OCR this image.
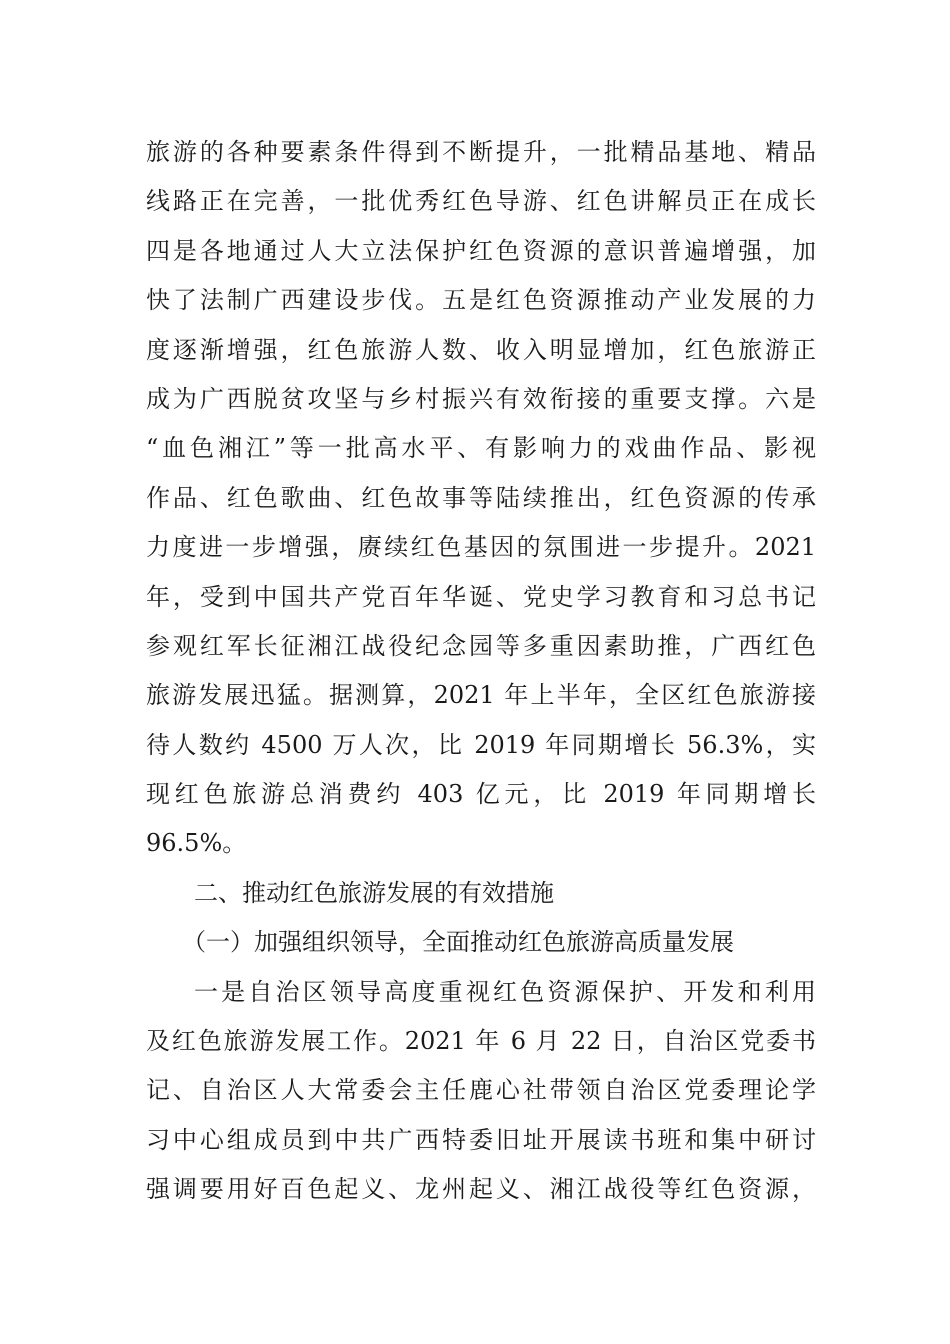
旅游的各种要素条件得到不断提升，一批精品基地、精品
线路正在完善，一批优秀红色导游、红色讲解员正在成长
四是各地通过人大立法保护红色资源的意识普遍增强，加
快了法制广西建设步伐。五是红色资源推动产业发展的力
度逐渐增强，红色旅游人数、收入明显增加，红色旅游正
成为广西脱贫攻坚与乡村振兴有效衔接的重要支撑。六是
“血色湘江”等一批高水平、有影响力的戏曲作品、影视
作品、红色歌曲、红色故事等陆续推出，红色资源的传承
力度进一步增强，赓续红色基因的氛围进一步提升。2021
年，受到中国共产党百年华诞、党史学习教育和习总书记
参观红军长征湘江战役纪念园等多重因素助推，广西红色
旅游发展迅猛。据测算，2021 年上半年，全区红色旅游接
待人数约 4500 万人次，比 2019 年同期增长 56.3%，实
现红色旅游总消费约 403 亿元，比 2019 年同期增长
96.5%。
二、推动红色旅游发展的有效措施
（一）加强组织领导，全面推动红色旅游高质量发展
一是自治区领导高度重视红色资源保护、开发和利用
及红色旅游发展工作。2021 年 6 月 22 日，自治区党委书
记、自治区人大常委会主任鹿心社带领自治区党委理论学
习中心组成员到中共广西特委旧址开展读书班和集中研讨
强调要用好百色起义、龙州起义、湘江战役等红色资源，
